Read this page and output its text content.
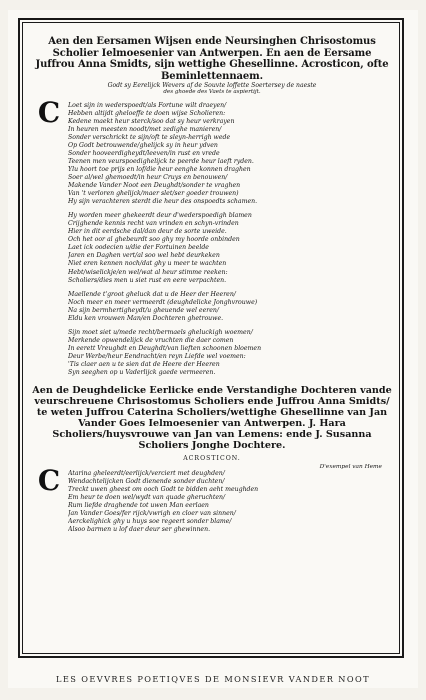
Aen den Eersamen Wijsen ende Neursinghen Chrisostomus Scholier Ielmoesenier van Antwerpen. En aen de Eersame Juffrou Anna Smidts, sijn wettighe Ghesellinne. Acrosticon, ofte Beminlettennaem.
Godt sy Eerelijck Wevers af de Souvte loffette Soertersey de naeste
des ghoede des Vaets te aspiertijt.
C Loet sijn in wederspoedt/als Fortune wilt draeyen/
Hebben altijdt gheloeffe te doen wijse Scholieren:
Kedene maekt heur sterck/soo dat sy heur verkrayen
In heuren meesten noodt/met zedighe manieren/
Sonder verschrickt te sijn/oft te sleyn-herrigh wede
Op Godt betrouwende/ghelijck sy in heur ydven
Sonder hooveerdigheydt/leeven/in rust en vrede
Teenen men veurspoedighelijck te peerde heur laeft ryden.
Ylu hoort toe prijs en lof/die heur eenghe konnen draghen
Soer al/wel ghemoedt/in heur Cruys en benouwen/
Makende Vander Noot een Deughdt/sonder te vraghen
Van 't verloren ghelijck/maer slet/ser goeder trouwen)
Hy sijn verachteren sterdt die heur des onspoedts schamen.
Hy worden meer ghekeerdt deur d'wederspoedigh blamen
Crijghende kennis recht van vrinden en schyn-vrinden
Hier in dit eerdsche dal/dan deur de sorte uweide.
Och het oor al ghebeurdt soo ghy my hoorde onbinden
Laet ick oodecien u/die der Fortuinen beelde
Jaren en Daghen vert/al soo wel hebt deurkeken
Niet eren kennen noch/dat ghy u meer te wachten
Hebt/wiselickje/en wel/wat al heur stimme reeken:
Scholiers/dies men u siet rust en eere verpachten.
Maellende t'groot gheluck dat u de Heer der Heeren/
Noch meer en meer vermeerdt (deughdelicke Jonghvrouwe)
Na sijn bermhertigheydt/u gheuende wel eeren/
Eldu ken vrouwen Man/en Dochteren ghetrouwe.
Sijn moet siet u/mede recht/bermaels gheluckigh woemen/
Merkende opwendelijck de vruchten die daer comen
In eerett Vreughdt en Deughdt/van lieften schoonen bloemen
Deur Werbe/heur Eendracht/en reyn Liefde wel voemen:
'Tis claer aen u te sien dat de Heere der Heeren
Syn seeghen op u Vaderlijck gaede vermeeren.
Aen de Deughdelicke Eerlicke ende Verstandighe Dochteren vande veurschreuene Chrisostomus Scholiers ende Juffrou Anna Smidts/ te weten Juffrou Caterina Scholiers/wettighe Ghesellinne van Jan Vander Goes Ielmoesenier van Antwerpen. J. Hara Scholiers/huysvrouwe van Jan van Lemens: ende J. Susanna Scholiers Jonghe Dochtere.
ACROSTICON.
D'exempel van Heme
C Atarina gheleerdt/eerlijck/verciert met deughden/
Wendachtelijcken Godt dienende sonder duchten/
Treckt uwen gheest om ooch Godt te bidden aeht meughden
Em heur te doen wel/wydt van quade gheruchten/
Rum liefde draghende tot uwen Man eerlaen
Jan Vander Goes/fer rijck/vwrigh en cloer van sinnen/
Aerckelighick ghy u huys soe regeert sonder blame/
Alsoo barmen u lof daer deur ser ghewinnen.
LES OEVVRES POETIQVES DE MONSIEVR VANDER NOOT
